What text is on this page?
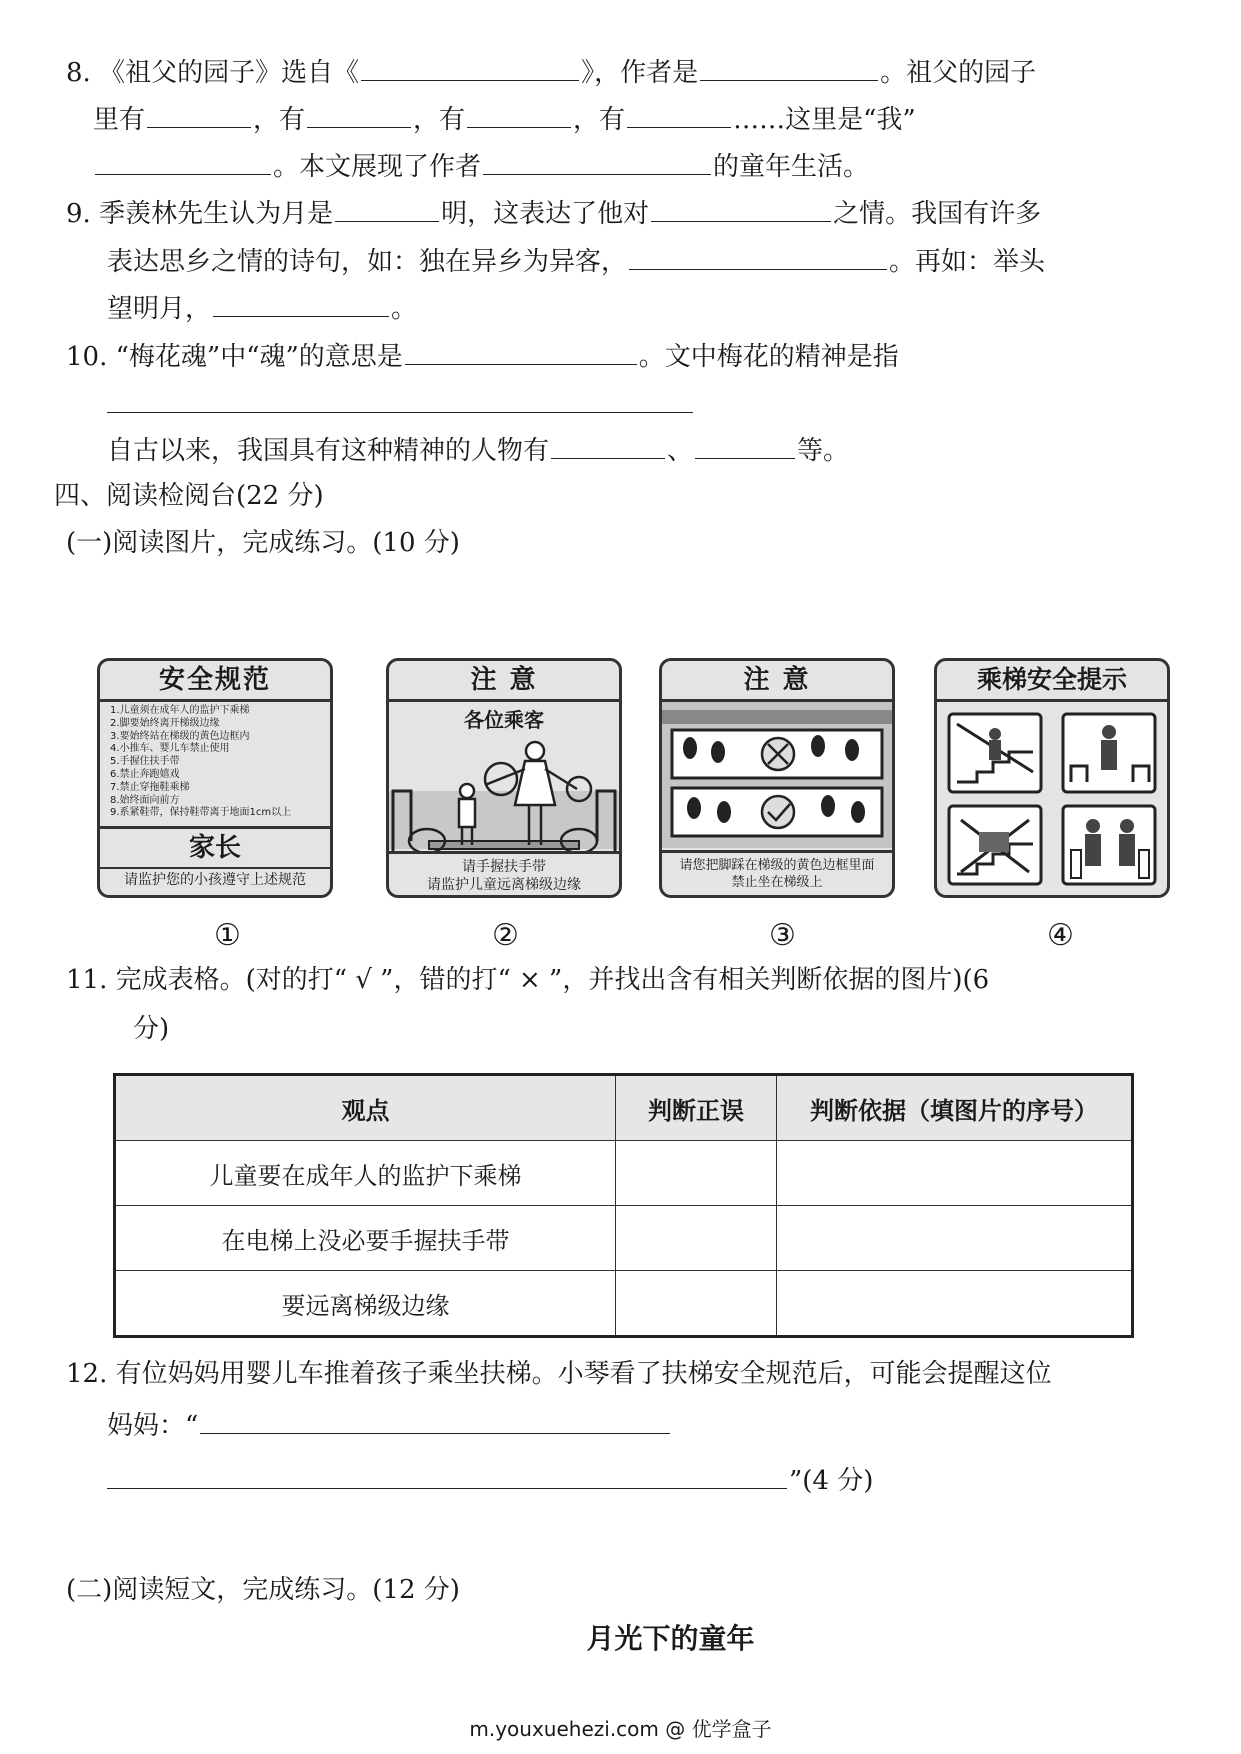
8. 《祖父的园子》选自《	》，作者是	。祖父的园子
里有	，有	，有	，有	……这里是“我”
。本文展现了作者	的童年生活。
9. 季羡林先生认为月是	明，这表达了他对	之情。我国有许多
表达思乡之情的诗句，如：独在异乡为异客，	。再如：举头
望明月，	。
10. “梅花魂”中“魂”的意思是	。文中梅花的精神是指
自古以来，我国具有这种精神的人物有	、	等。
四、阅读检阅台(22 分)
(一)阅读图片，完成练习。(10 分)
安全规范
1.儿童须在成年人的监护下乘梯
2.脚要始终离开梯级边缘
3.要始终站在梯级的黄色边框内
4.小推车、婴儿车禁止使用
5.手握住扶手带
6.禁止奔跑嬉戏
7.禁止穿拖鞋乘梯
8.始终面向前方
9.系紧鞋带，保持鞋带离于地面1cm以上
家长
请监护您的小孩遵守上述规范
注 意
各位乘客
请手握扶手带
请监护儿童远离梯级边缘
注 意
请您把脚踩在梯级的黄色边框里面
禁止坐在梯级上
乘梯安全提示
①	②	③	④
11. 完成表格。(对的打“ √ ”，错的打“ × ”，并找出含有相关判断依据的图片)(6
分)
观点	判断正误	判断依据（填图片的序号）
儿童要在成年人的监护下乘梯		
在电梯上没必要手握扶手带		
要远离梯级边缘		
12. 有位妈妈用婴儿车推着孩子乘坐扶梯。小琴看了扶梯安全规范后，可能会提醒这位
妈妈：“
”(4 分)
(二)阅读短文，完成练习。(12 分)
月光下的童年
m.youxuehezi.com @ 优学盒子
